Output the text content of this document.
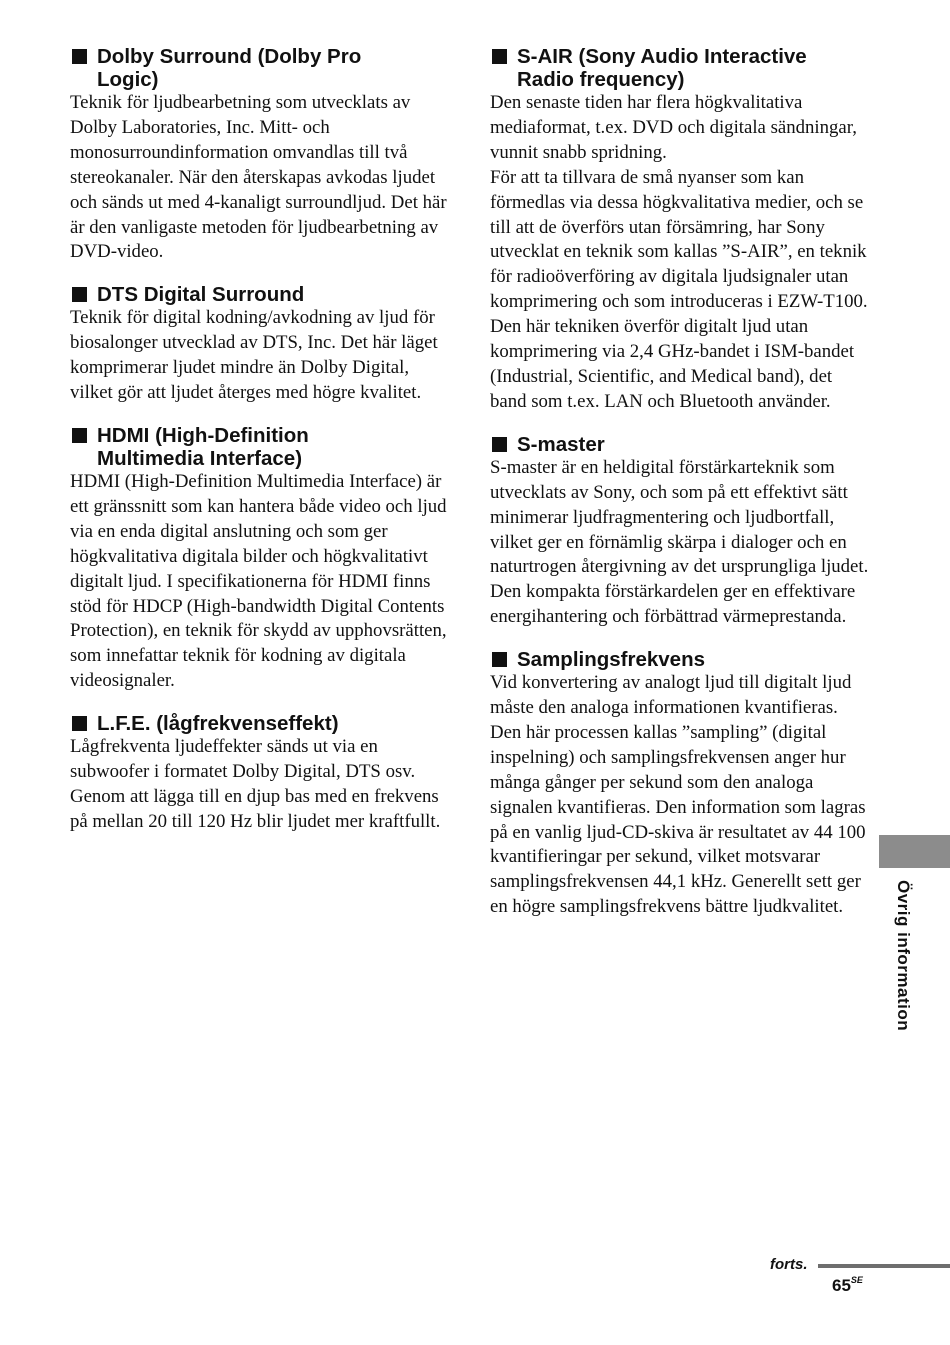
Dolby Surround (Dolby Pro
Logic)

Teknik för ljudbearbetning som utvecklats av Dolby Laboratories, Inc. Mitt- och monosurroundinformation omvandlas till två stereokanaler. När den återskapas avkodas ljudet och sänds ut med 4-kanaligt surroundljud. Det här är den vanligaste metoden för ljudbearbetning av DVD-video.

DTS Digital Surround

Teknik för digital kodning/avkodning av ljud för biosalonger utvecklad av DTS, Inc. Det här läget komprimerar ljudet mindre än Dolby Digital, vilket gör att ljudet återges med högre kvalitet.

HDMI (High-Definition
Multimedia Interface)

HDMI (High-Definition Multimedia Interface) är ett gränssnitt som kan hantera både video och ljud via en enda digital anslutning och som ger högkvalitativa digitala bilder och högkvalitativt digitalt ljud. I specifikationerna för HDMI finns stöd för HDCP (High-bandwidth Digital Contents Protection), en teknik för skydd av upphovsrätten, som innefattar teknik för kodning av digitala videosignaler.

L.F.E. (lågfrekvenseffekt)

Lågfrekventa ljudeffekter sänds ut via en subwoofer i formatet Dolby Digital, DTS osv. Genom att lägga till en djup bas med en frekvens på mellan 20 till 120 Hz blir ljudet mer kraftfullt.

S-AIR (Sony Audio Interactive
Radio frequency)

Den senaste tiden har flera högkvalitativa mediaformat, t.ex. DVD och digitala sändningar, vunnit snabb spridning.

För att ta tillvara de små nyanser som kan förmedlas via dessa högkvalitativa medier, och se till att de överförs utan försämring, har Sony utvecklat en teknik som kallas ”S-AIR”, en teknik för radioöverföring av digitala ljudsignaler utan komprimering och som introduceras i EZW-T100.

Den här tekniken överför digitalt ljud utan komprimering via 2,4 GHz-bandet i ISM-bandet (Industrial, Scientific, and Medical band), det band som t.ex. LAN och Bluetooth använder.

S-master

S-master är en heldigital förstärkarteknik som utvecklats av Sony, och som på ett effektivt sätt minimerar ljudfragmentering och ljudbortfall, vilket ger en förnämlig skärpa i dialoger och en naturtrogen återgivning av det ursprungliga ljudet. Den kompakta förstärkardelen ger en effektivare energihantering och förbättrad värmeprestanda.

Samplingsfrekvens

Vid konvertering av analogt ljud till digitalt ljud måste den analoga informationen kvantifieras. Den här processen kallas ”sampling” (digital inspelning) och samplingsfrekvensen anger hur många gånger per sekund som den analoga signalen kvantifieras. Den information som lagras på en vanlig ljud-CD-skiva är resultatet av 44 100 kvantifieringar per sekund, vilket motsvarar samplingsfrekvensen 44,1 kHz. Generellt sett ger en högre samplingsfrekvens bättre ljudkvalitet.	Övrig information
forts.
$65^{SE}$
